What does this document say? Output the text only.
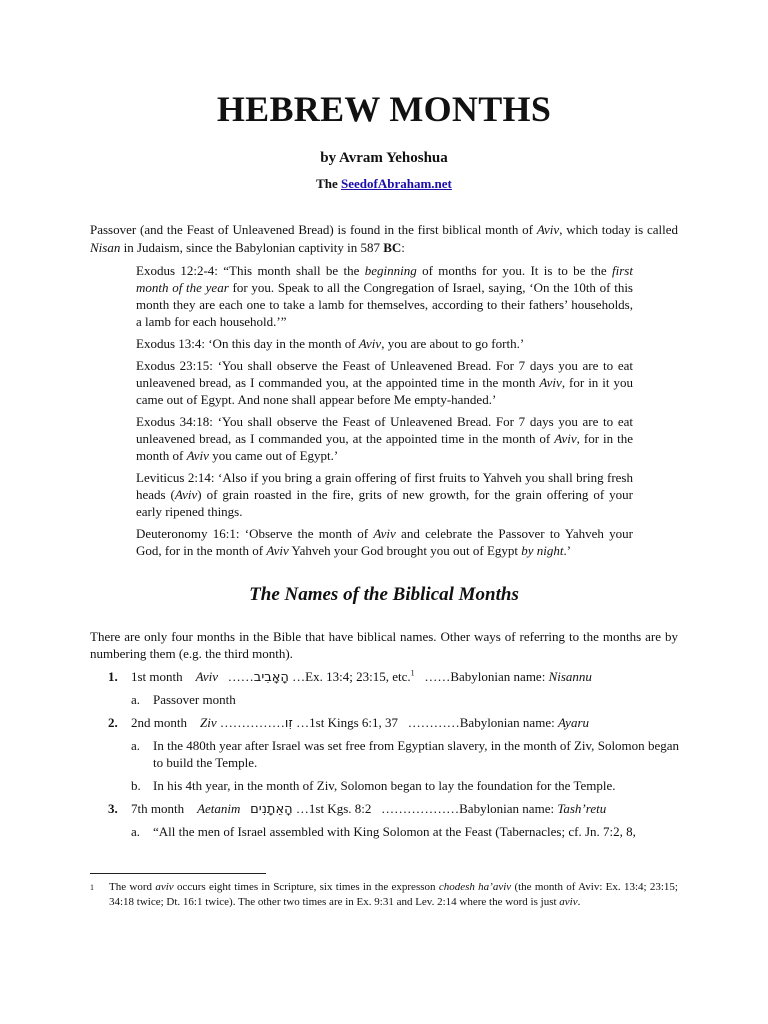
HEBREW MONTHS
by Avram Yehoshua
The SeedofAbraham.net

Passover (and the Feast of Unleavened Bread) is found in the first biblical month of Aviv, which today is called Nisan in Judaism, since the Babylonian captivity in 587 BC:

Exodus 12:2-4: “This month shall be the beginning of months for you. It is to be the first month of the year for you. Speak to all the Congregation of Israel, saying, ‘On the 10th of this month they are each one to take a lamb for themselves, according to their fathers’ households, a lamb for each household.’”

Exodus 13:4: ‘On this day in the month of Aviv, you are about to go forth.’

Exodus 23:15: ‘You shall observe the Feast of Unleavened Bread. For 7 days you are to eat unleavened bread, as I commanded you, at the appointed time in the month Aviv, for in it you came out of Egypt. And none shall appear before Me empty-handed.’

Exodus 34:18: ‘You shall observe the Feast of Unleavened Bread. For 7 days you are to eat unleavened bread, as I commanded you, at the appointed time in the month of Aviv, for in the month of Aviv you came out of Egypt.’

Leviticus 2:14: ‘Also if you bring a grain offering of first fruits to Yahveh you shall bring fresh heads (Aviv) of grain roasted in the fire, grits of new growth, for the grain offering of your early ripened things.

Deuteronomy 16:1: ‘Observe the month of Aviv and celebrate the Passover to Yahveh your God, for in the month of Aviv Yahveh your God brought you out of Egypt by night.’

The Names of the Biblical Months

There are only four months in the Bible that have biblical names. Other ways of referring to the months are by numbering them (e.g. the third month).

1. 1st month Aviv   ……הָאָבִיב …Ex. 13:4; 23:15, etc.$^1$   ……Babylonian name: Nisannu
a. Passover month
2. 2nd month Ziv ……………זִו …1st Kings 6:1, 37   …………Babylonian name: Ayaru
a. In the 480th year after Israel was set free from Egyptian slavery, in the month of Ziv, Solomon began to build the Temple.
b. In his 4th year, in the month of Ziv, Solomon began to lay the foundation for the Temple.
3. 7th month Aetanim הָאֵתָנִים …1st Kgs. 8:2   ………………Babylonian name: Tash’retu
a. “All the men of Israel assembled with King Solomon at the Feast (Tabernacles; cf. Jn. 7:2, 8,
1 The word aviv occurs eight times in Scripture, six times in the expresson chodesh ha’aviv (the month of Aviv: Ex. 13:4; 23:15; 34:18 twice; Dt. 16:1 twice). The other two times are in Ex. 9:31 and Lev. 2:14 where the word is just aviv.
